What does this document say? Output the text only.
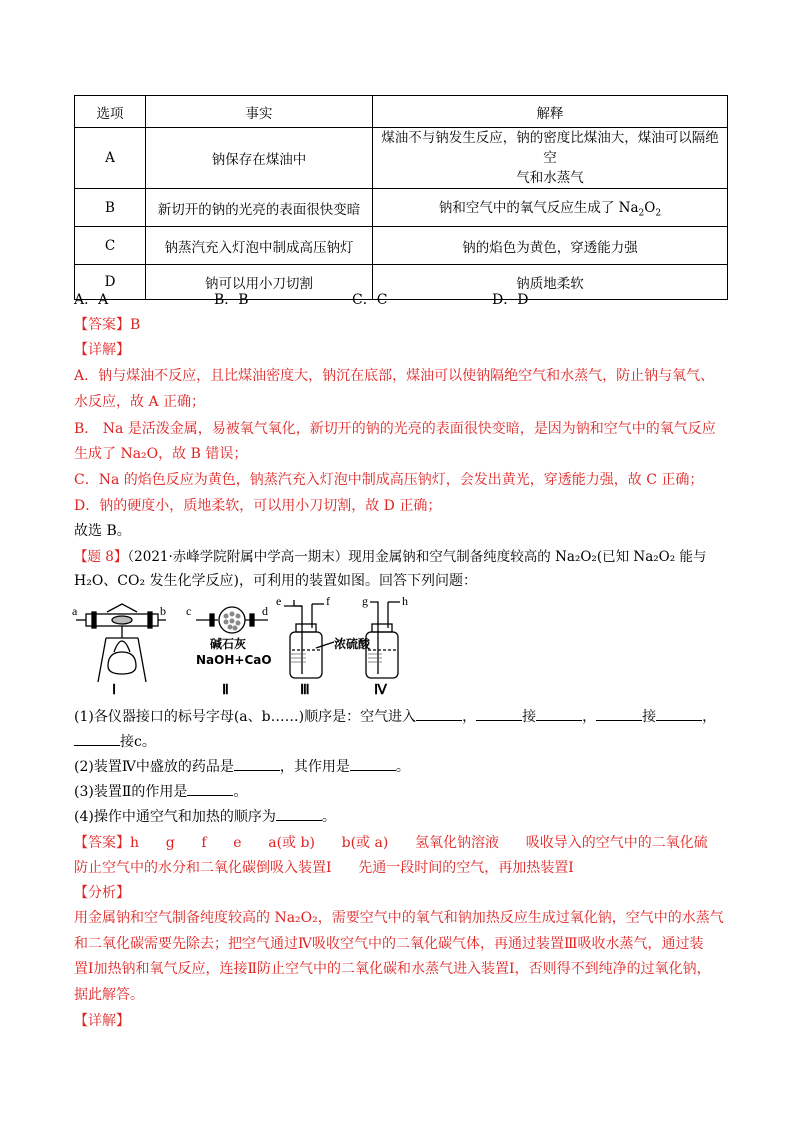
选项	事实	解释
A	钠保存在煤油中	煤油不与钠发生反应，钠的密度比煤油大，煤油可以隔绝空
气和水蒸气

B	新切开的钠的光亮的表面很快变暗	钠和空气中的氧气反应生成了 $Na_2O_2$
C	钠蒸汽充入灯泡中制成高压钠灯	钠的焰色为黄色，穿透能力强
D	钠可以用小刀切割	钠质地柔软
A．A	B．B	C．C	D．D
【答案】B
【详解】
A．钠与煤油不反应，且比煤油密度大，钠沉在底部，煤油可以使钠隔绝空气和水蒸气，防止钠与氧气、
水反应，故 A 正确；
B． Na 是活泼金属，易被氧气氧化，新切开的钠的光亮的表面很快变暗，是因为钠和空气中的氧气反应
生成了 Na₂O，故 B 错误；
C．Na 的焰色反应为黄色，钠蒸汽充入灯泡中制成高压钠灯，会发出黄光，穿透能力强，故 C 正确；
D．钠的硬度小，质地柔软，可以用小刀切割，故 D 正确；
故选 B。
【题 8】（2021·赤峰学院附属中学高一期末）现用金属钠和空气制备纯度较高的 Na₂O₂(已知 Na₂O₂ 能与
H₂O、CO₂ 发生化学反应)，可利用的装置如图。回答下列问题：
a	b c	d
e	f	g	h
碱石灰
NaOH+CaO
浓硫酸
Ⅰ	Ⅱ	Ⅲ	Ⅳ
(1)各仪器接口的标号字母(a、b……)顺序是：空气进入	，	接	，	接	，
接c。
(2)装置Ⅳ中盛放的药品是	，其作用是	。
(3)装置Ⅱ的作用是	。
(4)操作中通空气和加热的顺序为	。
【答案】h      g      f      e      a(或 b)      b(或 a)      氢氧化钠溶液      吸收导入的空气中的二氧化硫
防止空气中的水分和二氧化碳倒吸入装置Ⅰ      先通一段时间的空气，再加热装置Ⅰ
【分析】
用金属钠和空气制备纯度较高的 Na₂O₂，需要空气中的氧气和钠加热反应生成过氧化钠，空气中的水蒸气
和二氧化碳需要先除去；把空气通过Ⅳ吸收空气中的二氧化碳气体，再通过装置Ⅲ吸收水蒸气，通过装
置Ⅰ加热钠和氧气反应，连接Ⅱ防止空气中的二氧化碳和水蒸气进入装置Ⅰ，否则得不到纯净的过氧化钠，
据此解答。
【详解】
